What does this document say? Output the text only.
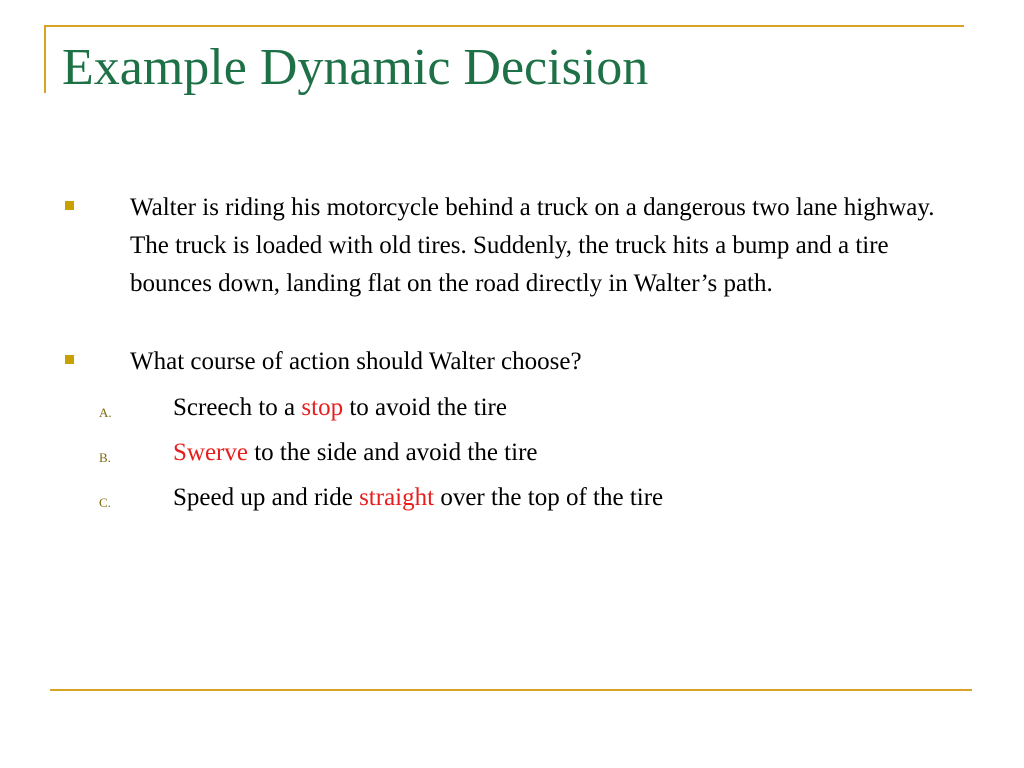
Example Dynamic Decision

Walter is riding his motorcycle behind a truck on a dangerous two lane highway. The truck is loaded with old tires. Suddenly, the truck hits a bump and a tire bounces down, landing flat on the road directly in Walter’s path.

What course of action should Walter choose?

A. Screech to a stop to avoid the tire

B. Swerve to the side and avoid the tire

C. Speed up and ride straight over the top of the tire
